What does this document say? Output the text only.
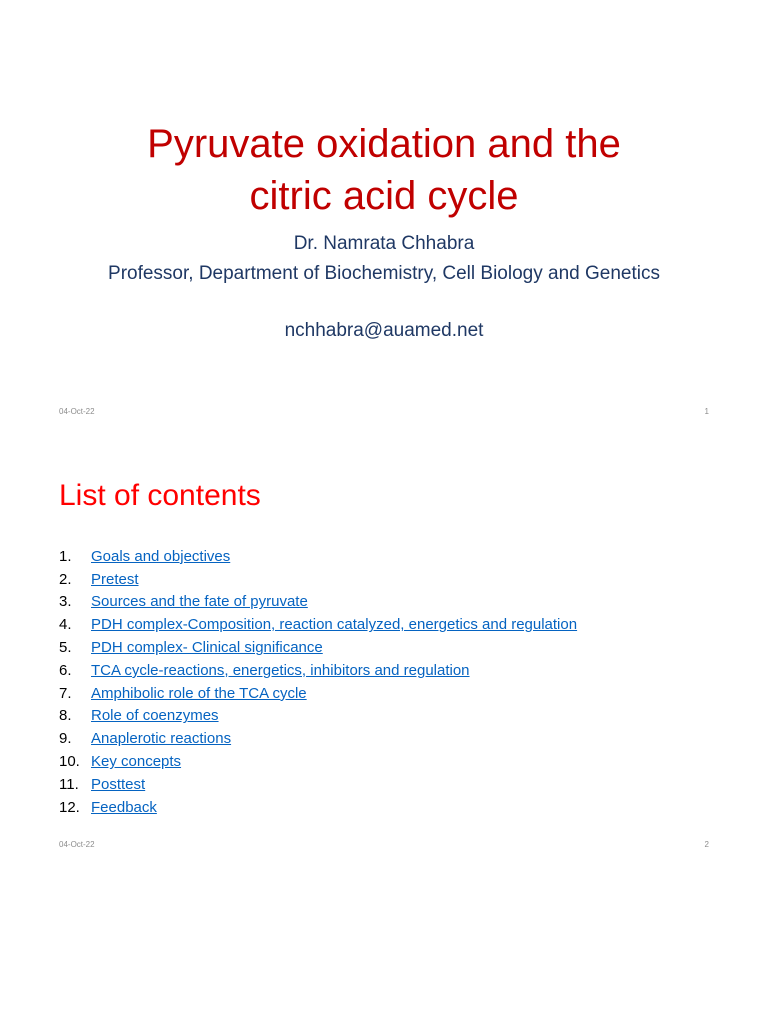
Pyruvate oxidation and the
citric acid cycle
Dr. Namrata Chhabra
Professor, Department of Biochemistry, Cell Biology and Genetics
nchhabra@auamed.net
04-Oct-22	1
List of contents
1.	Goals and objectives
2.	Pretest
3.	Sources and the fate of pyruvate
4.	PDH complex-Composition, reaction catalyzed, energetics and regulation
5.	PDH complex- Clinical significance
6.	TCA cycle-reactions, energetics, inhibitors and regulation
7.	Amphibolic role of the TCA cycle
8.	Role of coenzymes
9.	Anaplerotic reactions
10. Key concepts
11. Posttest
12. Feedback
04-Oct-22	2
